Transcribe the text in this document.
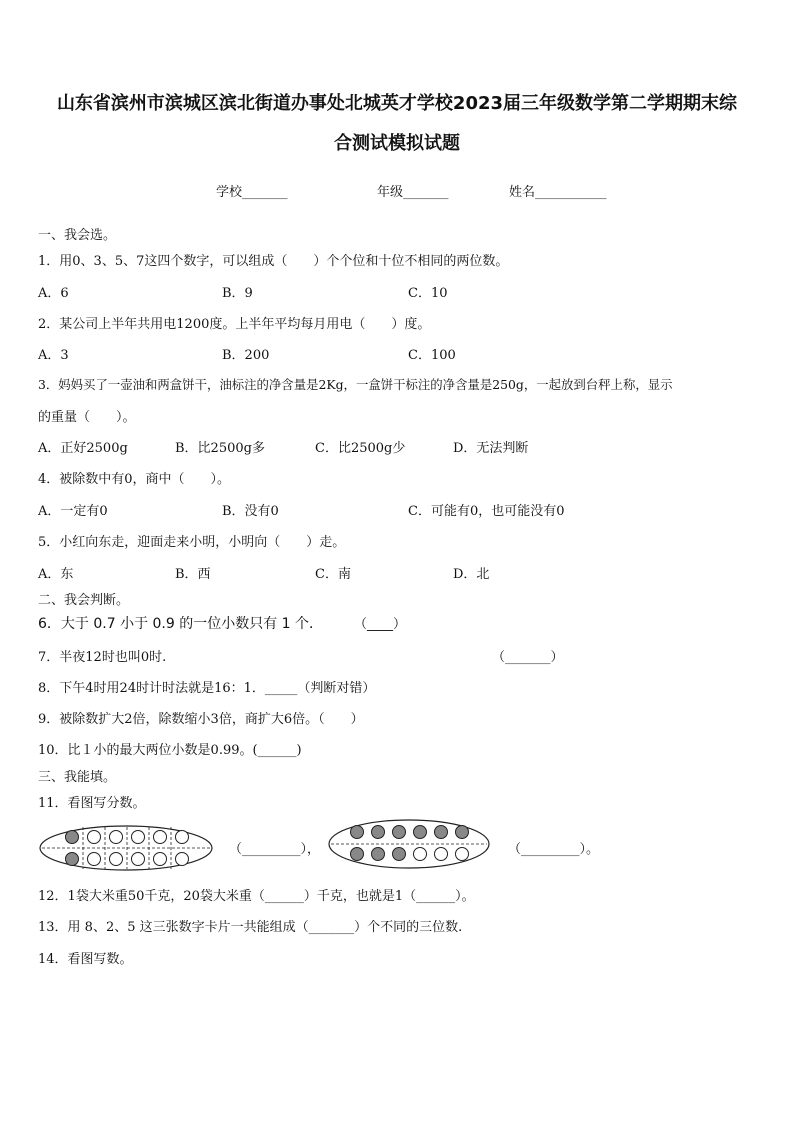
山东省滨州市滨城区滨北街道办事处北城英才学校2023届三年级数学第二学期期末综
合测试模拟试题
学校_______	年级_______	姓名___________
一、我会选。
1．用0、3、5、7这四个数字，可以组成（　　）个个位和十位不相同的两位数。
A．6	B．9	C．10
2．某公司上半年共用电1200度。上半年平均每月用电（　　）度。
A．3	B．200	C．100
3．妈妈买了一壶油和两盒饼干，油标注的净含量是2Kg，一盒饼干标注的净含量是250g，一起放到台秤上称，显示
的重量（　　）。
A．正好2500g	B．比2500g多	C．比2500g少	D．无法判断
4．被除数中有0，商中（　　）。
A．一定有0	B．没有0	C．可能有0，也可能没有0
5．小红向东走，迎面走来小明，小明向（　　）走。
A．东	B．西	C．南	D．北
二、我会判断。
6．大于 0.7 小于 0.9 的一位小数只有 1 个． （____）
7．半夜12时也叫0时.	（_______）
8．下午4时用24时计时法就是16：1．_____（判断对错）
9．被除数扩大2倍，除数缩小3倍，商扩大6倍。（　　）
10．比１小的最大两位小数是0.99。(______)
三、我能填。
11．看图写分数。
（_________），	（_________）。
12．1袋大米重50千克，20袋大米重（______）千克，也就是1（______）。
13．用 8、2、5 这三张数字卡片一共能组成（_______）个不同的三位数.
14．看图写数。
